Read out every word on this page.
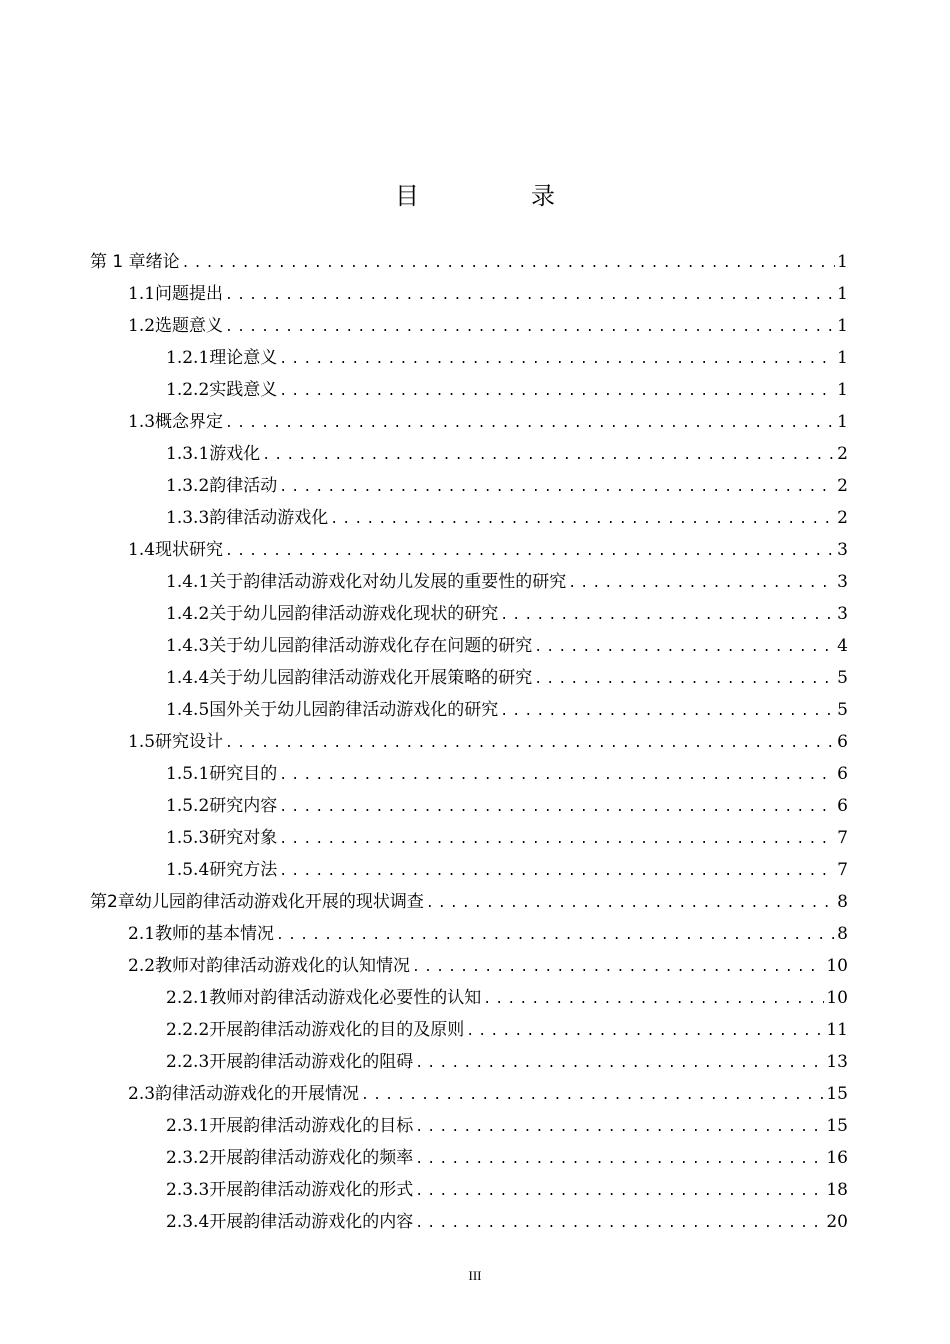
目　录
第 1 章 绪论 .....	1
1.1 问题提出 .....	1
1.2 选题意义 .....	1
1.2.1 理论意义 .....	1
1.2.2 实践意义 .....	1
1.3 概念界定 .....	1
1.3.1 游戏化 .....	2
1.3.2 韵律活动 .....	2
1.3.3 韵律活动游戏化 .....	2
1.4 现状研究 .....	3
1.4.1 关于韵律活动游戏化对幼儿发展的重要性的研究 .....	3
1.4.2 关于幼儿园韵律活动游戏化现状的研究 .....	3
1.4.3 关于幼儿园韵律活动游戏化存在问题的研究 .....	4
1.4.4 关于幼儿园韵律活动游戏化开展策略的研究 .....	5
1.4.5 国外关于幼儿园韵律活动游戏化的研究 .....	5
1.5 研究设计 .....	6
1.5.1 研究目的 .....	6
1.5.2 研究内容 .....	6
1.5.3 研究对象 .....	7
1.5.4 研究方法 .....	7
第2章 幼儿园韵律活动游戏化开展的现状调查 .....	8
2.1 教师的基本情况 .....	8
2.2 教师对韵律活动游戏化的认知情况 .....	10
2.2.1 教师对韵律活动游戏化必要性的认知 .....	10
2.2.2 开展韵律活动游戏化的目的及原则 .....	11
2.2.3 开展韵律活动游戏化的阻碍 .....	13
2.3 韵律活动游戏化的开展情况 .....	15
2.3.1 开展韵律活动游戏化的目标 .....	15
2.3.2 开展韵律活动游戏化的频率 .....	16
2.3.3 开展韵律活动游戏化的形式 .....	18
2.3.4 开展韵律活动游戏化的内容 .....	20
III
